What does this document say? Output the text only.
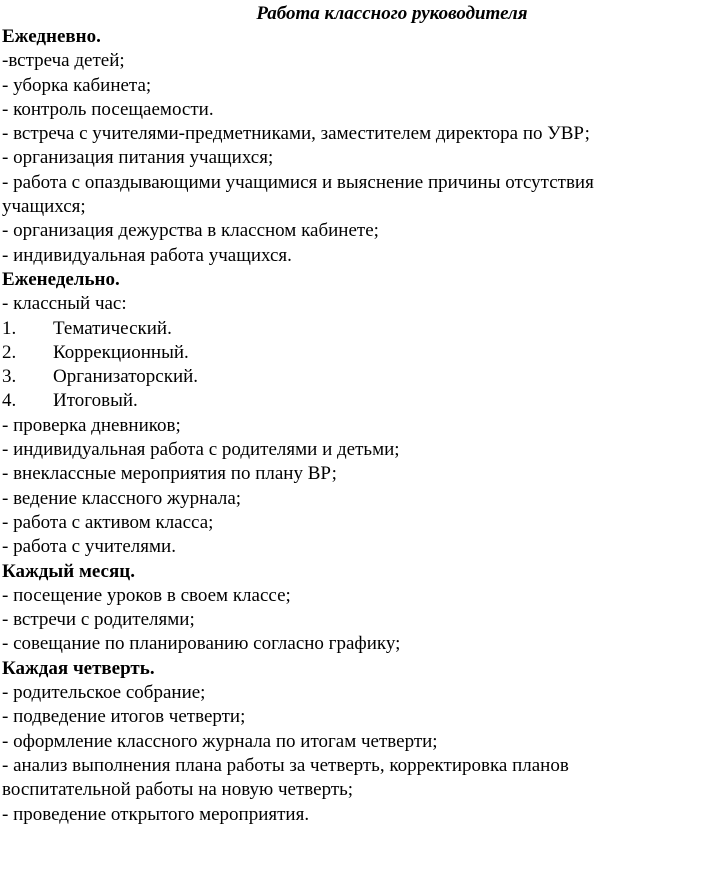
Работа классного руководителя
Ежедневно.
-встреча детей;
- уборка кабинета;
- контроль посещаемости.
- встреча с учителями-предметниками, заместителем директора по УВР;
- организация питания учащихся;
- работа с опаздывающими учащимися и выяснение причины отсутствия
учащихся;
- организация дежурства в классном кабинете;
- индивидуальная работа учащихся.
Еженедельно.
- классный час:
1. Тематический.
2. Коррекционный.
3. Организаторский.
4. Итоговый.
- проверка дневников;
- индивидуальная работа с родителями и детьми;
- внеклассные мероприятия по плану ВР;
- ведение классного журнала;
- работа с активом класса;
- работа с учителями.
Каждый месяц.
- посещение уроков в своем классе;
- встречи с родителями;
- совещание по планированию согласно графику;
Каждая четверть.
- родительское собрание;
- подведение итогов четверти;
- оформление классного журнала по итогам четверти;
- анализ выполнения плана работы за четверть, корректировка планов
воспитательной работы на новую четверть;
- проведение открытого мероприятия.
